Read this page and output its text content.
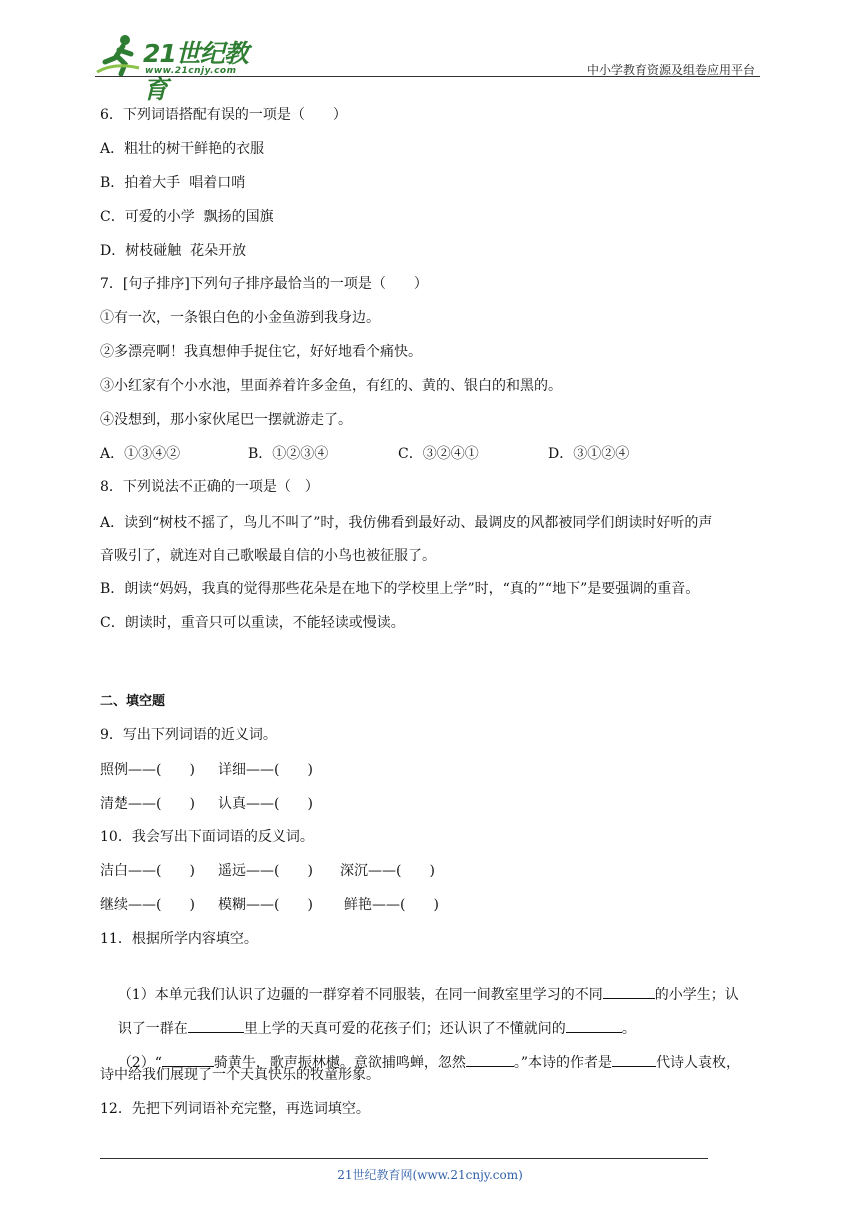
21世纪教育
www.21cnjy.com	中小学教育资源及组卷应用平台
6．下列词语搭配有误的一项是（　　）
A．粗壮的树干鲜艳的衣服
B．拍着大手  唱着口哨
C．可爱的小学  飘扬的国旗
D．树枝碰触  花朵开放
7．[句子排序]下列句子排序最恰当的一项是（　　）
①有一次，一条银白色的小金鱼游到我身边。
②多漂亮啊！我真想伸手捉住它，好好地看个痛快。
③小红家有个小水池，里面养着许多金鱼，有红的、黄的、银白的和黑的。
④没想到，那小家伙尾巴一摆就游走了。
A．①③④②	B．①②③④	C．③②④①	D．③①②④
8．下列说法不正确的一项是（　）
A．读到“树枝不摇了，鸟儿不叫了”时，我仿佛看到最好动、最调皮的风都被同学们朗读时好听的声
音吸引了，就连对自己歌喉最自信的小鸟也被征服了。
B．朗读“妈妈，我真的觉得那些花朵是在地下的学校里上学”时，“真的”“地下”是要强调的重音。
C．朗读时，重音只可以重读，不能轻读或慢读。
二、填空题
9．写出下列词语的近义词。
照例——(　　) 详细——(　　)
清楚——(　　) 认真——(　　)
10．我会写出下面词语的反义词。
洁白——(　　) 遥远——(　　) 深沉——(　　)
继续——(　　) 模糊——(　　) 鲜艳——(　　)
11．根据所学内容填空。

（1）本单元我们认识了边疆的一群穿着不同服装，在同一间教室里学习的不同	的小学生；认

识了一群在	里上学的天真可爱的花孩子们；还认识了不懂就问的	。

（2）“	骑黄牛，歌声振林樾。意欲捕鸣蝉，忽然	。”本诗的作者是	代诗人袁枚，

诗中给我们展现了一个天真快乐的牧童形象。
12．先把下列词语补充完整，再选词填空。
21世纪教育网(www.21cnjy.com)
